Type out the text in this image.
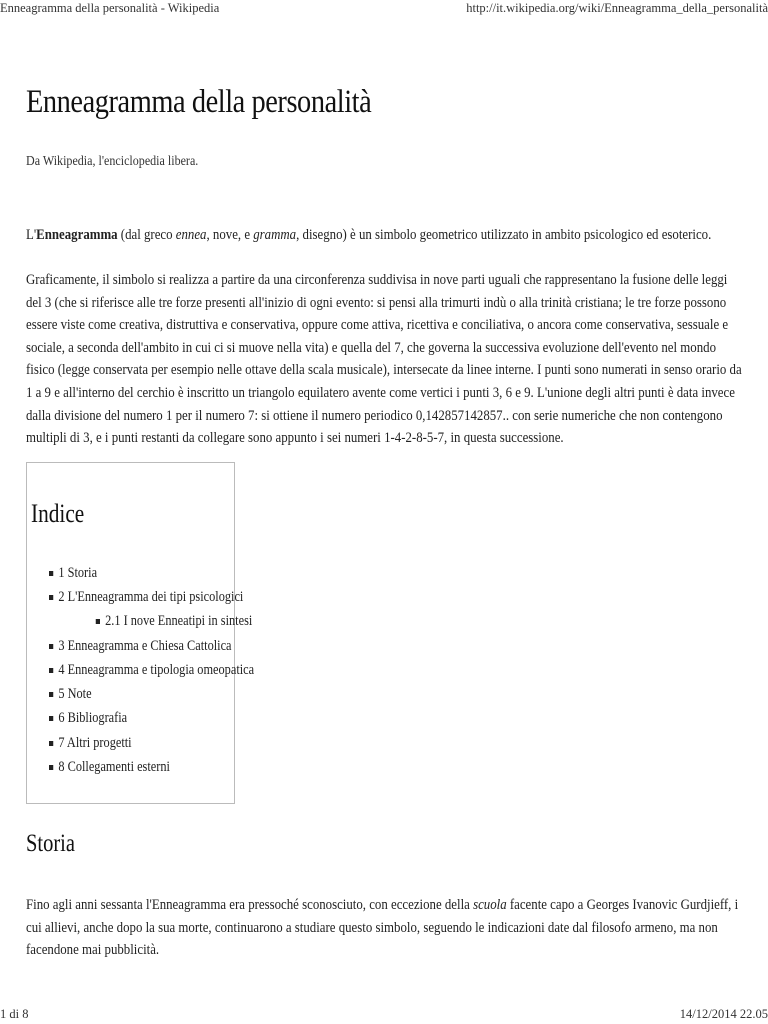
Enneagramma della personalità - Wikipedia	http://it.wikipedia.org/wiki/Enneagramma_della_personalità
Enneagramma della personalità
Da Wikipedia, l'enciclopedia libera.
L'Enneagramma (dal greco ennea, nove, e gramma, disegno) è un simbolo geometrico utilizzato in ambito psicologico ed esoterico.
Graficamente, il simbolo si realizza a partire da una circonferenza suddivisa in nove parti uguali che rappresentano la fusione delle leggi del 3 (che si riferisce alle tre forze presenti all'inizio di ogni evento: si pensi alla trimurti indù o alla trinità cristiana; le tre forze possono essere viste come creativa, distruttiva e conservativa, oppure come attiva, ricettiva e conciliativa, o ancora come conservativa, sessuale e sociale, a seconda dell'ambito in cui ci si muove nella vita) e quella del 7, che governa la successiva evoluzione dell'evento nel mondo fisico (legge conservata per esempio nelle ottave della scala musicale), intersecate da linee interne. I punti sono numerati in senso orario da 1 a 9 e all'interno del cerchio è inscritto un triangolo equilatero avente come vertici i punti 3, 6 e 9. L'unione degli altri punti è data invece dalla divisione del numero 1 per il numero 7: si ottiene il numero periodico 0,142857142857.. con serie numeriche che non contengono multipli di 3, e i punti restanti da collegare sono appunto i sei numeri 1-4-2-8-5-7, in questa successione.
Indice
1 Storia
2 L'Enneagramma dei tipi psicologici
2.1 I nove Enneatipi in sintesi
3 Enneagramma e Chiesa Cattolica
4 Enneagramma e tipologia omeopatica
5 Note
6 Bibliografia
7 Altri progetti
8 Collegamenti esterni
Storia
Fino agli anni sessanta l'Enneagramma era pressoché sconosciuto, con eccezione della scuola facente capo a Georges Ivanovic Gurdjieff, i cui allievi, anche dopo la sua morte, continuarono a studiare questo simbolo, seguendo le indicazioni date dal filosofo armeno, ma non facendone mai pubblicità.
1 di 8	14/12/2014 22.05
